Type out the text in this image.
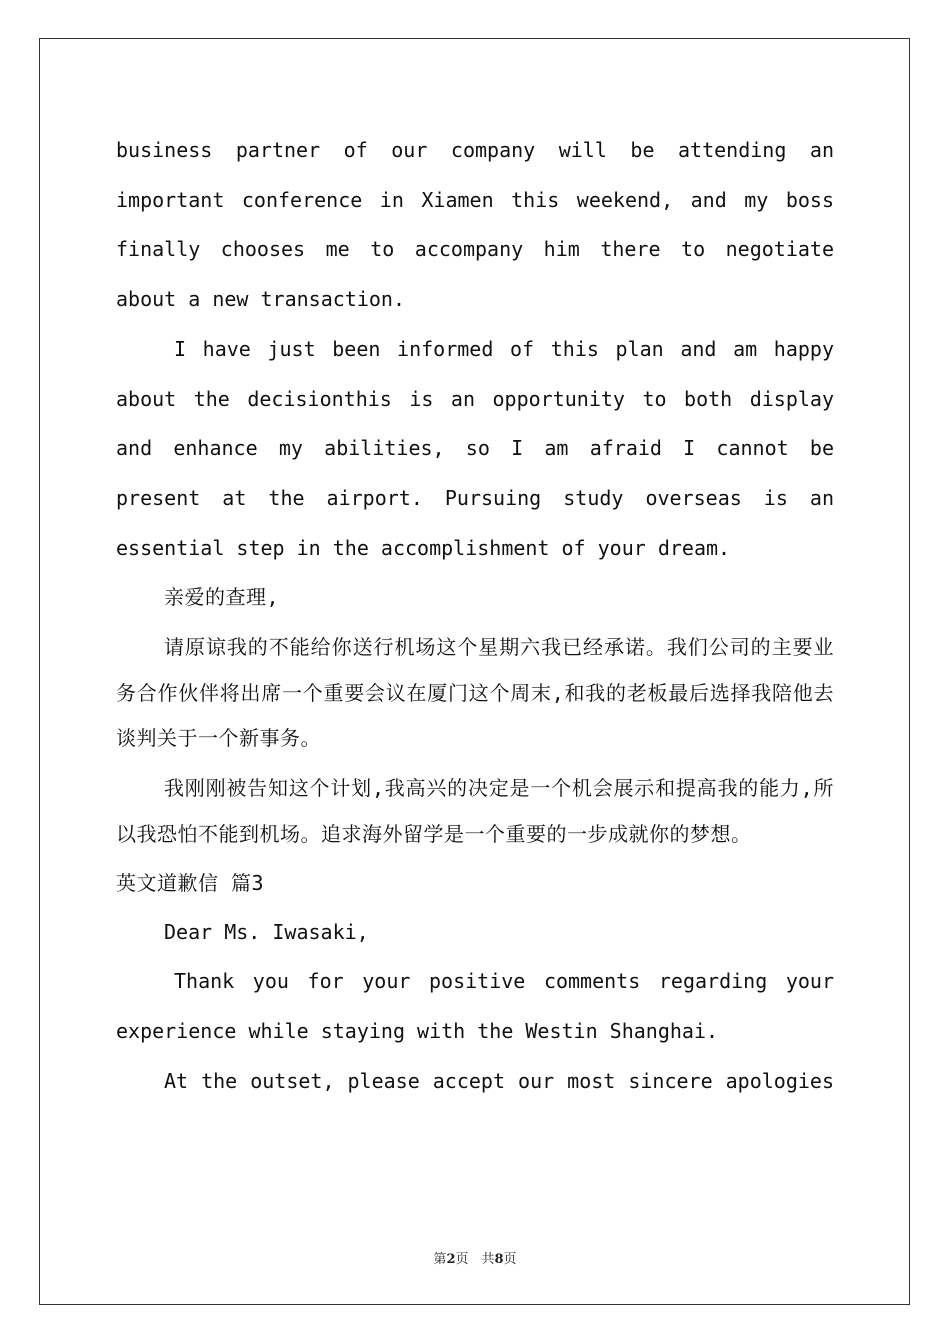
business partner of our company will be attending an important conference in Xiamen this weekend, and my boss finally chooses me to accompany him there to negotiate about a new transaction.

I have just been informed of this plan and am happy about the decisionthis is an opportunity to both display and enhance my abilities, so I am afraid I cannot be present at the airport. Pursuing study overseas is an essential step in the accomplishment of your dream.

亲爱的查理,

请原谅我的不能给你送行机场这个星期六我已经承诺。我们公司的主要业务合作伙伴将出席一个重要会议在厦门这个周末,和我的老板最后选择我陪他去谈判关于一个新事务。

我刚刚被告知这个计划,我高兴的决定是一个机会展示和提高我的能力,所以我恐怕不能到机场。追求海外留学是一个重要的一步成就你的梦想。

英文道歉信 篇3

Dear Ms. Iwasaki,

Thank you for your positive comments regarding your experience while staying with the Westin Shanghai.

At the outset, please accept our most sincere apologies

第2页　共8页
